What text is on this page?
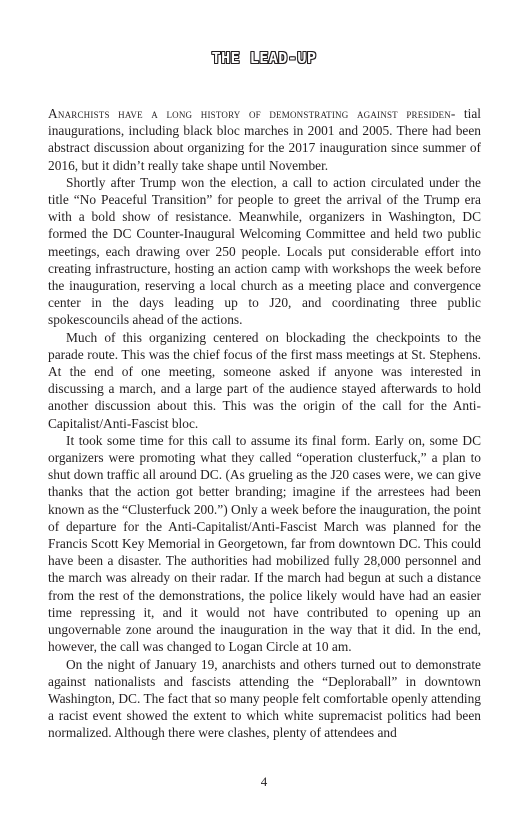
THE LEAD-UP

Anarchists have a long history of demonstrating against presiden- tial inaugurations, including black bloc marches in 2001 and 2005. There had been abstract discussion about organizing for the 2017 inauguration since summer of 2016, but it didn’t really take shape until November.

Shortly after Trump won the election, a call to action circulated under the title “No Peaceful Transition” for people to greet the arrival of the Trump era with a bold show of resistance. Meanwhile, organizers in Washington, DC formed the DC Counter-Inaugural Welcoming Committee and held two public meetings, each drawing over 250 people. Locals put considerable effort into creating infrastructure, hosting an action camp with workshops the week before the inauguration, reserving a local church as a meeting place and convergence center in the days leading up to J20, and coordinating three public spokescouncils ahead of the actions.

Much of this organizing centered on blockading the checkpoints to the parade route. This was the chief focus of the first mass meetings at St. Stephens. At the end of one meeting, someone asked if anyone was interested in discussing a march, and a large part of the audience stayed afterwards to hold another discussion about this. This was the origin of the call for the Anti-Capitalist/Anti-Fascist bloc.

It took some time for this call to assume its final form. Early on, some DC organizers were promoting what they called “operation clusterfuck,” a plan to shut down traffic all around DC. (As grueling as the J20 cases were, we can give thanks that the action got better branding; imagine if the arrestees had been known as the “Clusterfuck 200.”) Only a week before the inauguration, the point of departure for the Anti-Capitalist/Anti-Fascist March was planned for the Francis Scott Key Memorial in Georgetown, far from downtown DC. This could have been a disaster. The authorities had mobilized fully 28,000 personnel and the march was already on their radar. If the march had begun at such a distance from the rest of the demonstrations, the police likely would have had an easier time repressing it, and it would not have contributed to opening up an ungovernable zone around the inauguration in the way that it did. In the end, however, the call was changed to Logan Circle at 10 am.

On the night of January 19, anarchists and others turned out to demonstrate against nationalists and fascists attending the “Deploraball” in downtown Washington, DC. The fact that so many people felt comfortable openly attending a racist event showed the extent to which white supremacist politics had been normalized. Although there were clashes, plenty of attendees and

4
